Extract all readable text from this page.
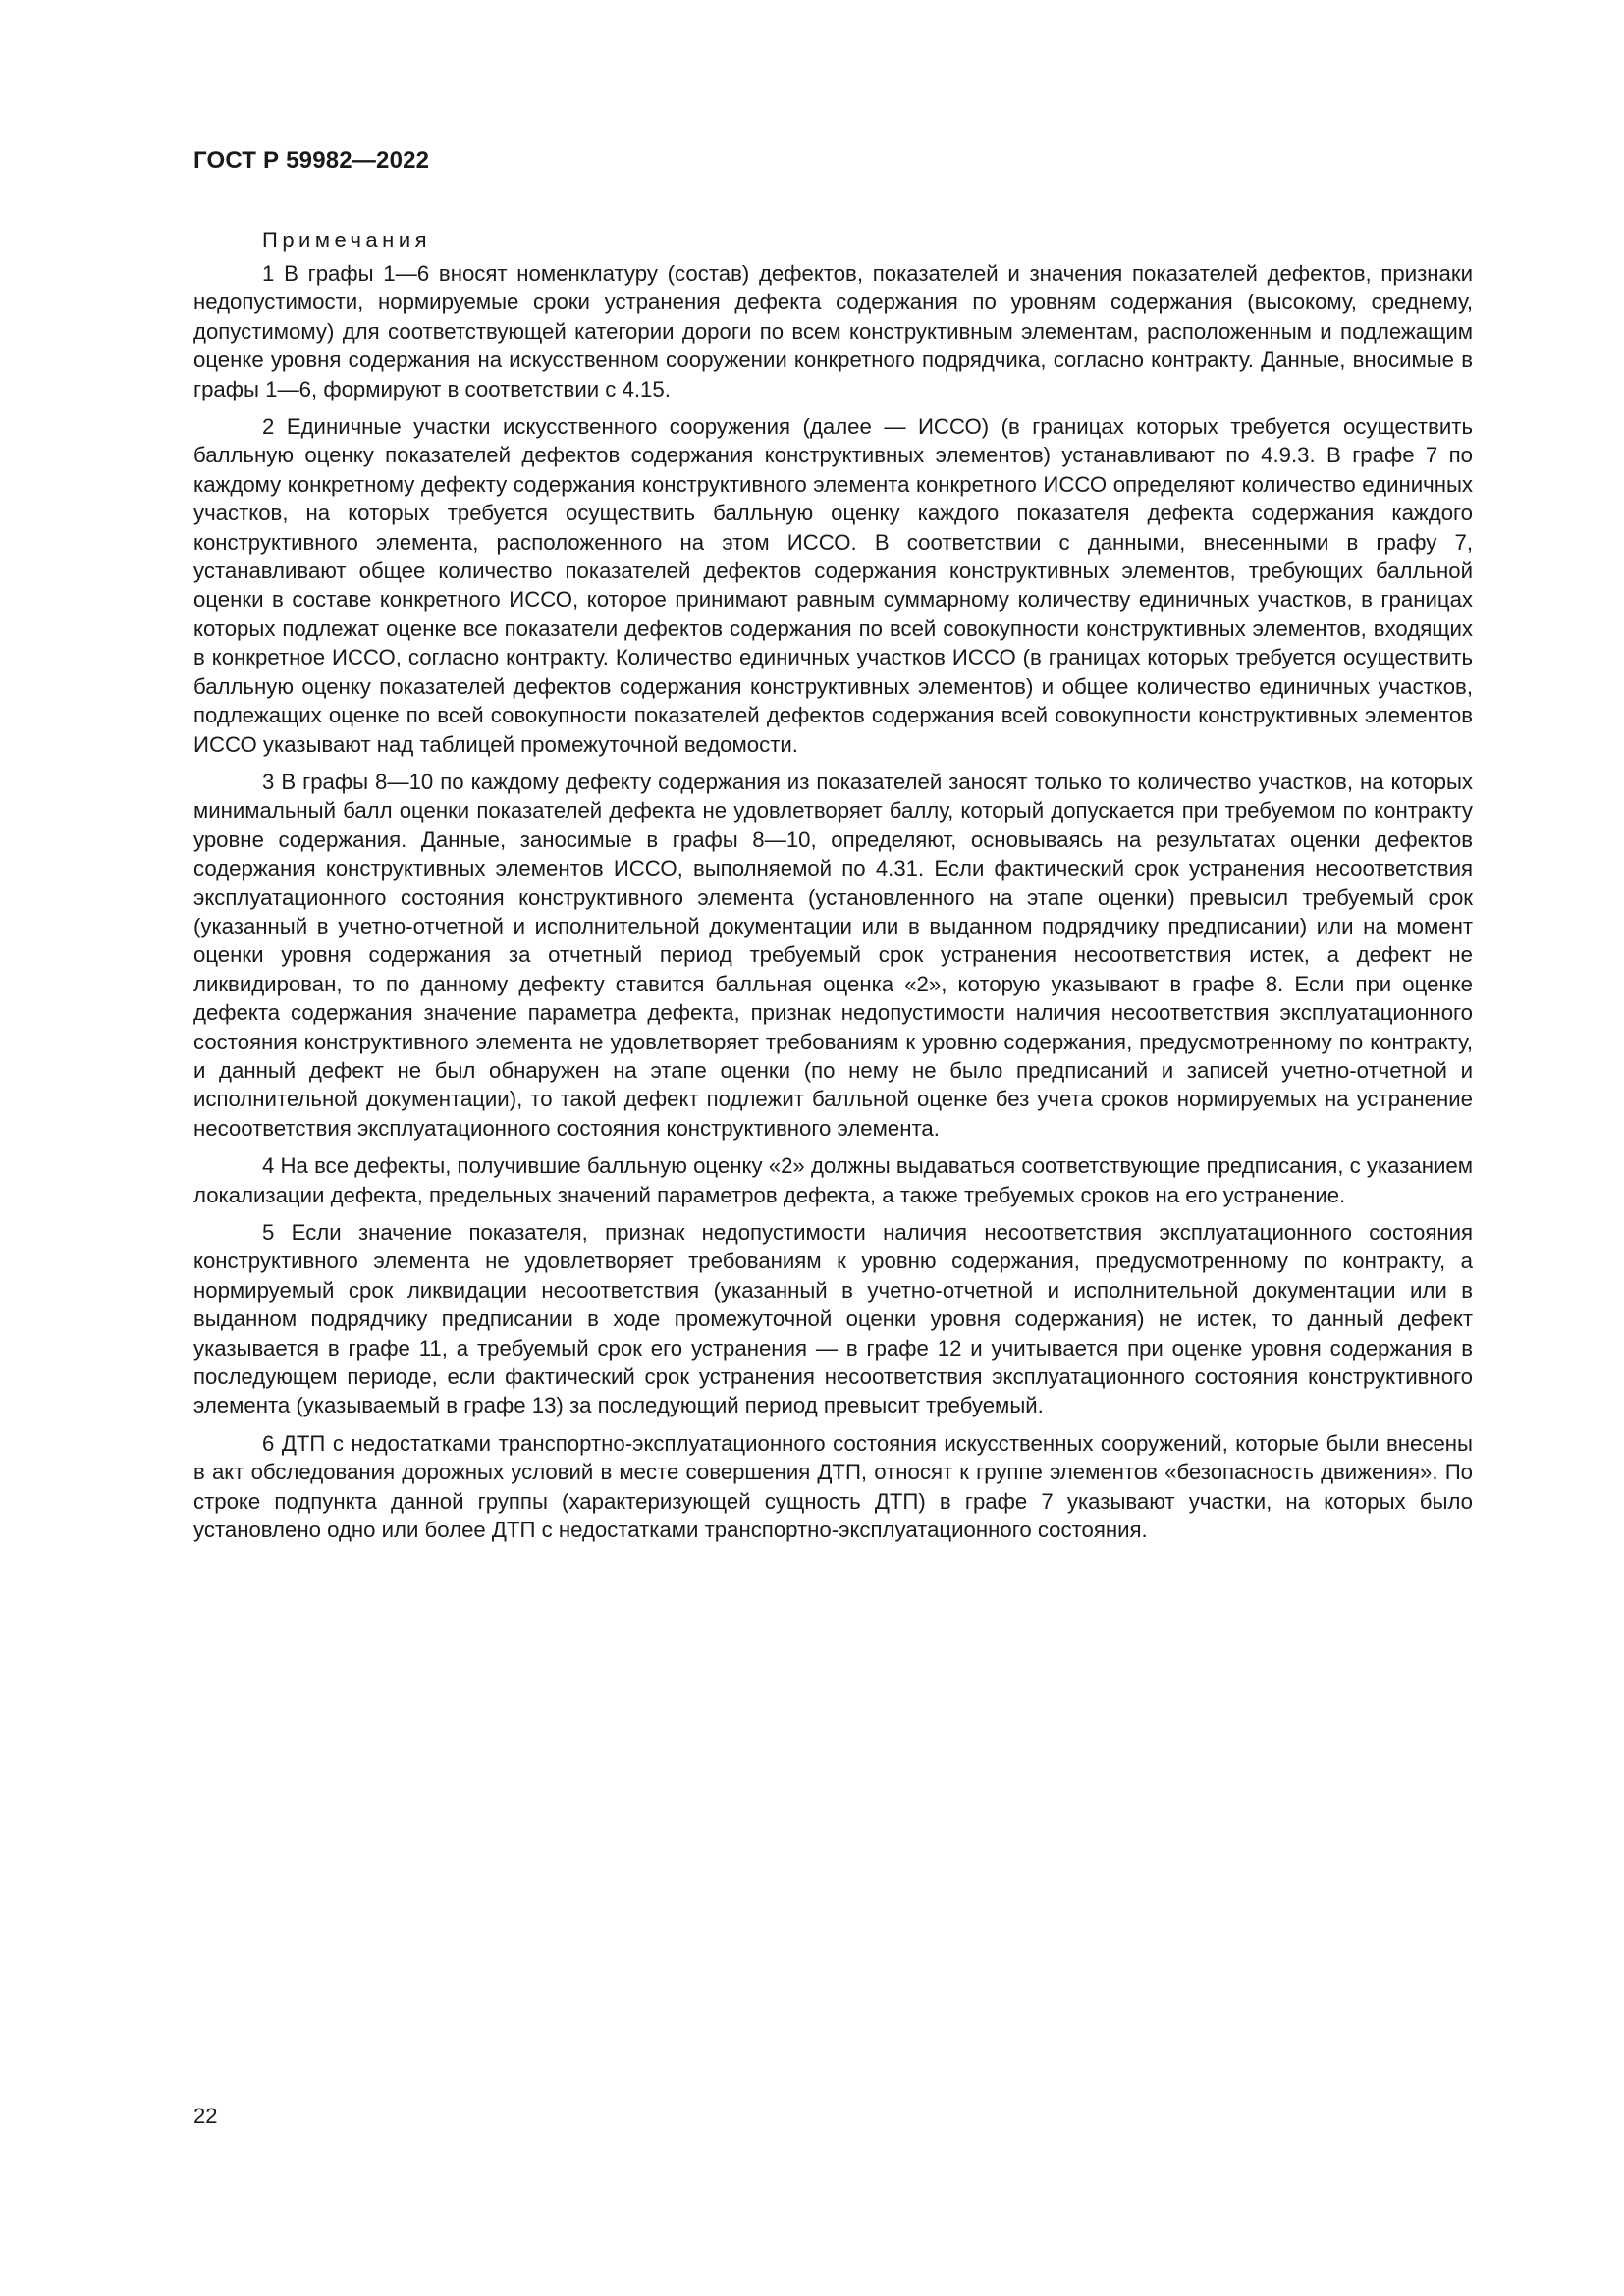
ГОСТ Р 59982—2022
Примечания

1 В графы 1—6 вносят номенклатуру (состав) дефектов, показателей и значения показателей дефектов, признаки недопустимости, нормируемые сроки устранения дефекта содержания по уровням содержания (высокому, среднему, допустимому) для соответствующей категории дороги по всем конструктивным элементам, расположенным и подлежащим оценке уровня содержания на искусственном сооружении конкретного подрядчика, согласно контракту. Данные, вносимые в графы 1—6, формируют в соответствии с 4.15.

2 Единичные участки искусственного сооружения (далее — ИССО) (в границах которых требуется осуществить балльную оценку показателей дефектов содержания конструктивных элементов) устанавливают по 4.9.3. В графе 7 по каждому конкретному дефекту содержания конструктивного элемента конкретного ИССО определяют количество единичных участков, на которых требуется осуществить балльную оценку каждого показателя дефекта содержания каждого конструктивного элемента, расположенного на этом ИССО. В соответствии с данными, внесенными в графу 7, устанавливают общее количество показателей дефектов содержания конструктивных элементов, требующих балльной оценки в составе конкретного ИССО, которое принимают равным суммарному количеству единичных участков, в границах которых подлежат оценке все показатели дефектов содержания по всей совокупности конструктивных элементов, входящих в конкретное ИССО, согласно контракту. Количество единичных участков ИССО (в границах которых требуется осуществить балльную оценку показателей дефектов содержания конструктивных элементов) и общее количество единичных участков, подлежащих оценке по всей совокупности показателей дефектов содержания всей совокупности конструктивных элементов ИССО указывают над таблицей промежуточной ведомости.

3 В графы 8—10 по каждому дефекту содержания из показателей заносят только то количество участков, на которых минимальный балл оценки показателей дефекта не удовлетворяет баллу, который допускается при требуемом по контракту уровне содержания. Данные, заносимые в графы 8—10, определяют, основываясь на результатах оценки дефектов содержания конструктивных элементов ИССО, выполняемой по 4.31. Если фактический срок устранения несоответствия эксплуатационного состояния конструктивного элемента (установленного на этапе оценки) превысил требуемый срок (указанный в учетно-отчетной и исполнительной документации или в выданном подрядчику предписании) или на момент оценки уровня содержания за отчетный период требуемый срок устранения несоответствия истек, а дефект не ликвидирован, то по данному дефекту ставится балльная оценка «2», которую указывают в графе 8. Если при оценке дефекта содержания значение параметра дефекта, признак недопустимости наличия несоответствия эксплуатационного состояния конструктивного элемента не удовлетворяет требованиям к уровню содержания, предусмотренному по контракту, и данный дефект не был обнаружен на этапе оценки (по нему не было предписаний и записей учетно-отчетной и исполнительной документации), то такой дефект подлежит балльной оценке без учета сроков нормируемых на устранение несоответствия эксплуатационного состояния конструктивного элемента.

4 На все дефекты, получившие балльную оценку «2» должны выдаваться соответствующие предписания, с указанием локализации дефекта, предельных значений параметров дефекта, а также требуемых сроков на его устранение.

5 Если значение показателя, признак недопустимости наличия несоответствия эксплуатационного состояния конструктивного элемента не удовлетворяет требованиям к уровню содержания, предусмотренному по контракту, а нормируемый срок ликвидации несоответствия (указанный в учетно-отчетной и исполнительной документации или в выданном подрядчику предписании в ходе промежуточной оценки уровня содержания) не истек, то данный дефект указывается в графе 11, а требуемый срок его устранения — в графе 12 и учитывается при оценке уровня содержания в последующем периоде, если фактический срок устранения несоответствия эксплуатационного состояния конструктивного элемента (указываемый в графе 13) за последующий период превысит требуемый.

6 ДТП с недостатками транспортно-эксплуатационного состояния искусственных сооружений, которые были внесены в акт обследования дорожных условий в месте совершения ДТП, относят к группе элементов «безопасность движения». По строке подпункта данной группы (характеризующей сущность ДТП) в графе 7 указывают участки, на которых было установлено одно или более ДТП с недостатками транспортно-эксплуатационного состояния.

22
